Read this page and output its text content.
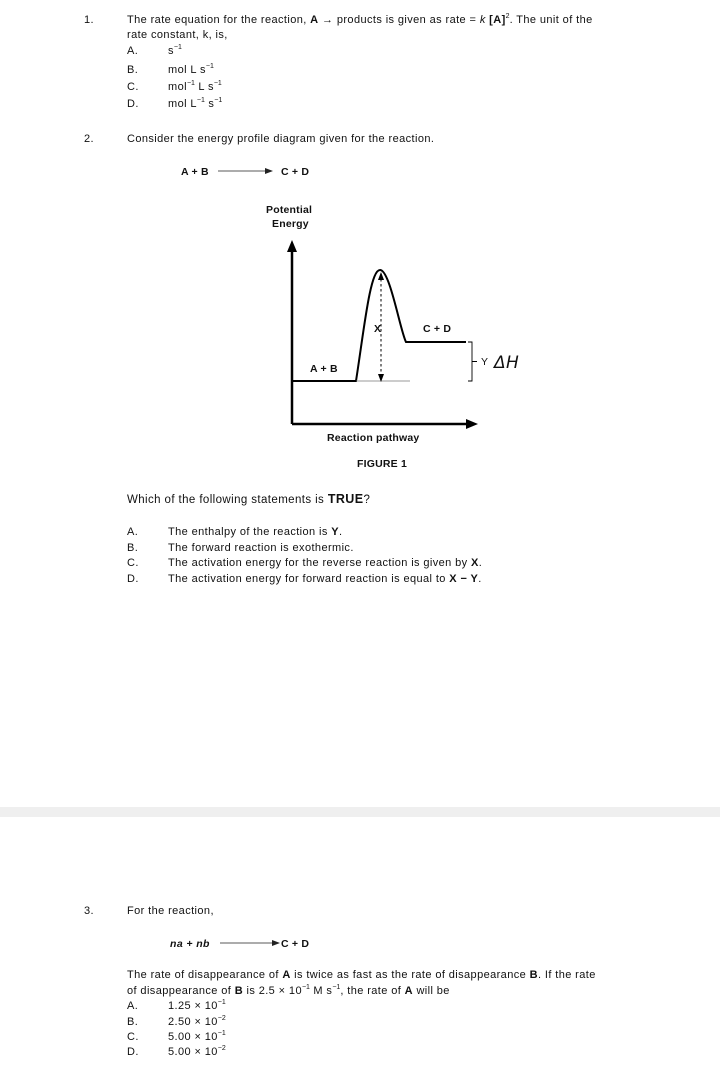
1.	The rate equation for the reaction, A → products is given as rate = k $[A]^2$. The unit of the
rate constant, k, is,
A.	$s^{-1}$
B.	mol L $s^{-1}$
C.	mol$^{-1}$ L $s^{-1}$
D.	mol $L^{-1}$ $s^{-1}$
2.	Consider the energy profile diagram given for the reaction.
A + B	C + D
Potential
Energy
ΔH
X	C + D
A + B
Y
Reaction pathway
FIGURE 1
Which of the following statements is TRUE?
A.	The enthalpy of the reaction is Y.
B.	The forward reaction is exothermic.
C.	The activation energy for the reverse reaction is given by X.
D.	The activation energy for forward reaction is equal to X − Y.
3.	For the reaction,
na + nb	C + D
The rate of disappearance of A is twice as fast as the rate of disappearance B. If the rate
of disappearance of B is $2.5 \times 10^{-1}$ M $s^{-1}$, the rate of A will be
A.	$1.25 \times 10^{-1}$
B.	$2.50 \times 10^{-2}$
C.	$5.00 \times 10^{-1}$
D.	$5.00 \times 10^{-2}$
